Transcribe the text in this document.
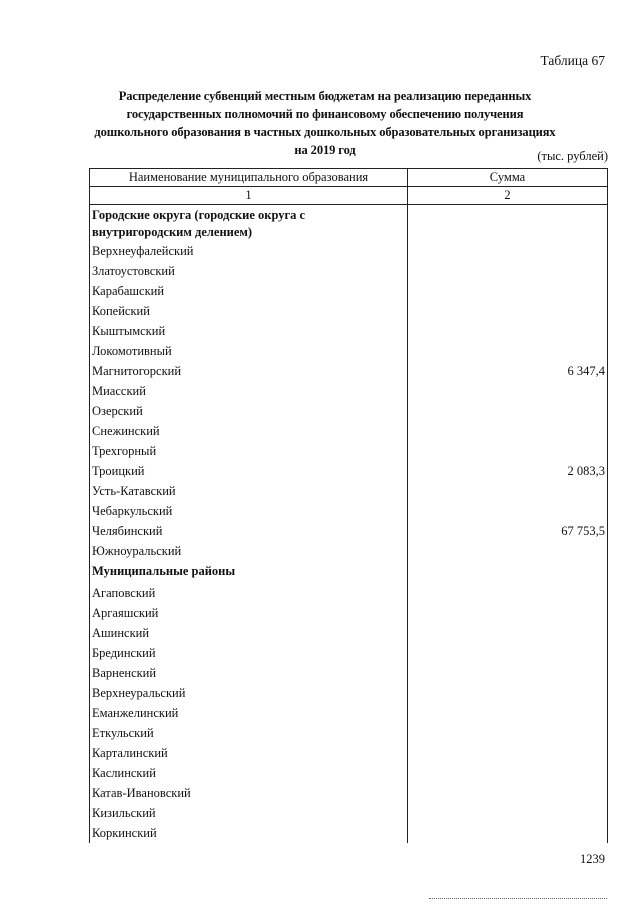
Таблица 67
Распределение субвенций местным бюджетам на реализацию переданных государственных полномочий по финансовому обеспечению получения дошкольного образования в частных дошкольных образовательных организациях на 2019 год	(тыс. рублей)
Наименование муниципального образования	Сумма
1	2
Городские округа (городские округа с внутригородским делением)	
Верхнеуфалейский	
Златоустовский	
Карабашский	
Копейский	
Кыштымский	
Локомотивный	
Магнитогорский	6 347,4
Миасский	
Озерский	
Снежинский	
Трехгорный	
Троицкий	2 083,3
Усть-Катавский	
Чебаркульский	
Челябинский	67 753,5
Южноуральский	
Муниципальные районы	
Агаповский	
Аргаяшский	
Ашинский	
Брединский	
Варненский	
Верхнеуральский	
Еманжелинский	
Еткульский	
Карталинский	
Каслинский	
Катав-Ивановский	
Кизильский	
Коркинский	
1239
